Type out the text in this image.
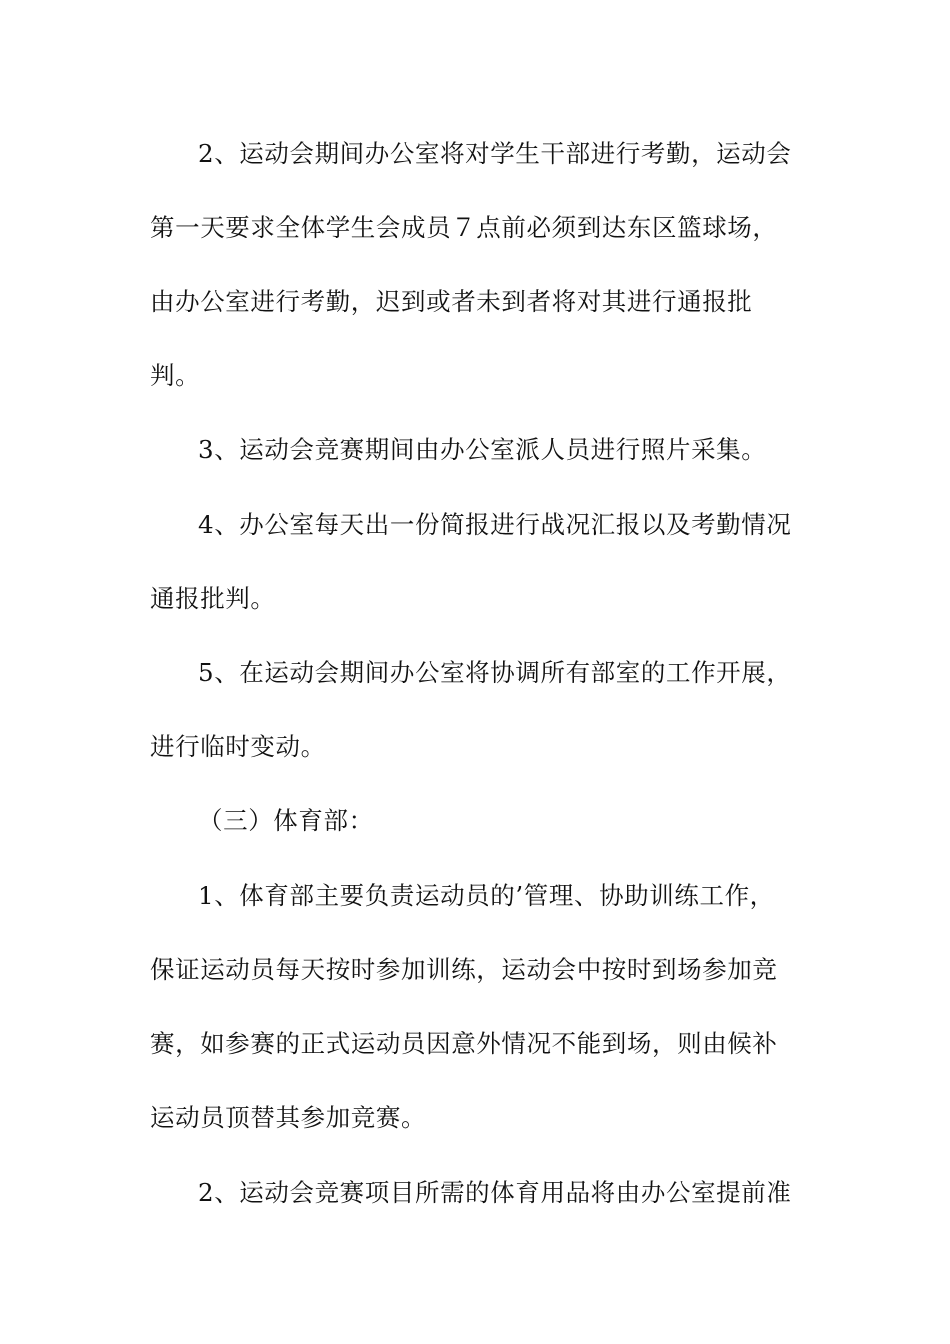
2、运动会期间办公室将对学生干部进行考勤，运动会
第一天要求全体学生会成员７点前必须到达东区篮球场，
由办公室进行考勤，迟到或者未到者将对其进行通报批
判。
3、运动会竞赛期间由办公室派人员进行照片采集。
4、办公室每天出一份简报进行战况汇报以及考勤情况
通报批判。
5、在运动会期间办公室将协调所有部室的工作开展，
进行临时变动。
（三）体育部：
1、体育部主要负责运动员的’管理、协助训练工作，
保证运动员每天按时参加训练，运动会中按时到场参加竞
赛，如参赛的正式运动员因意外情况不能到场，则由候补
运动员顶替其参加竞赛。
2、运动会竞赛项目所需的体育用品将由办公室提前准
